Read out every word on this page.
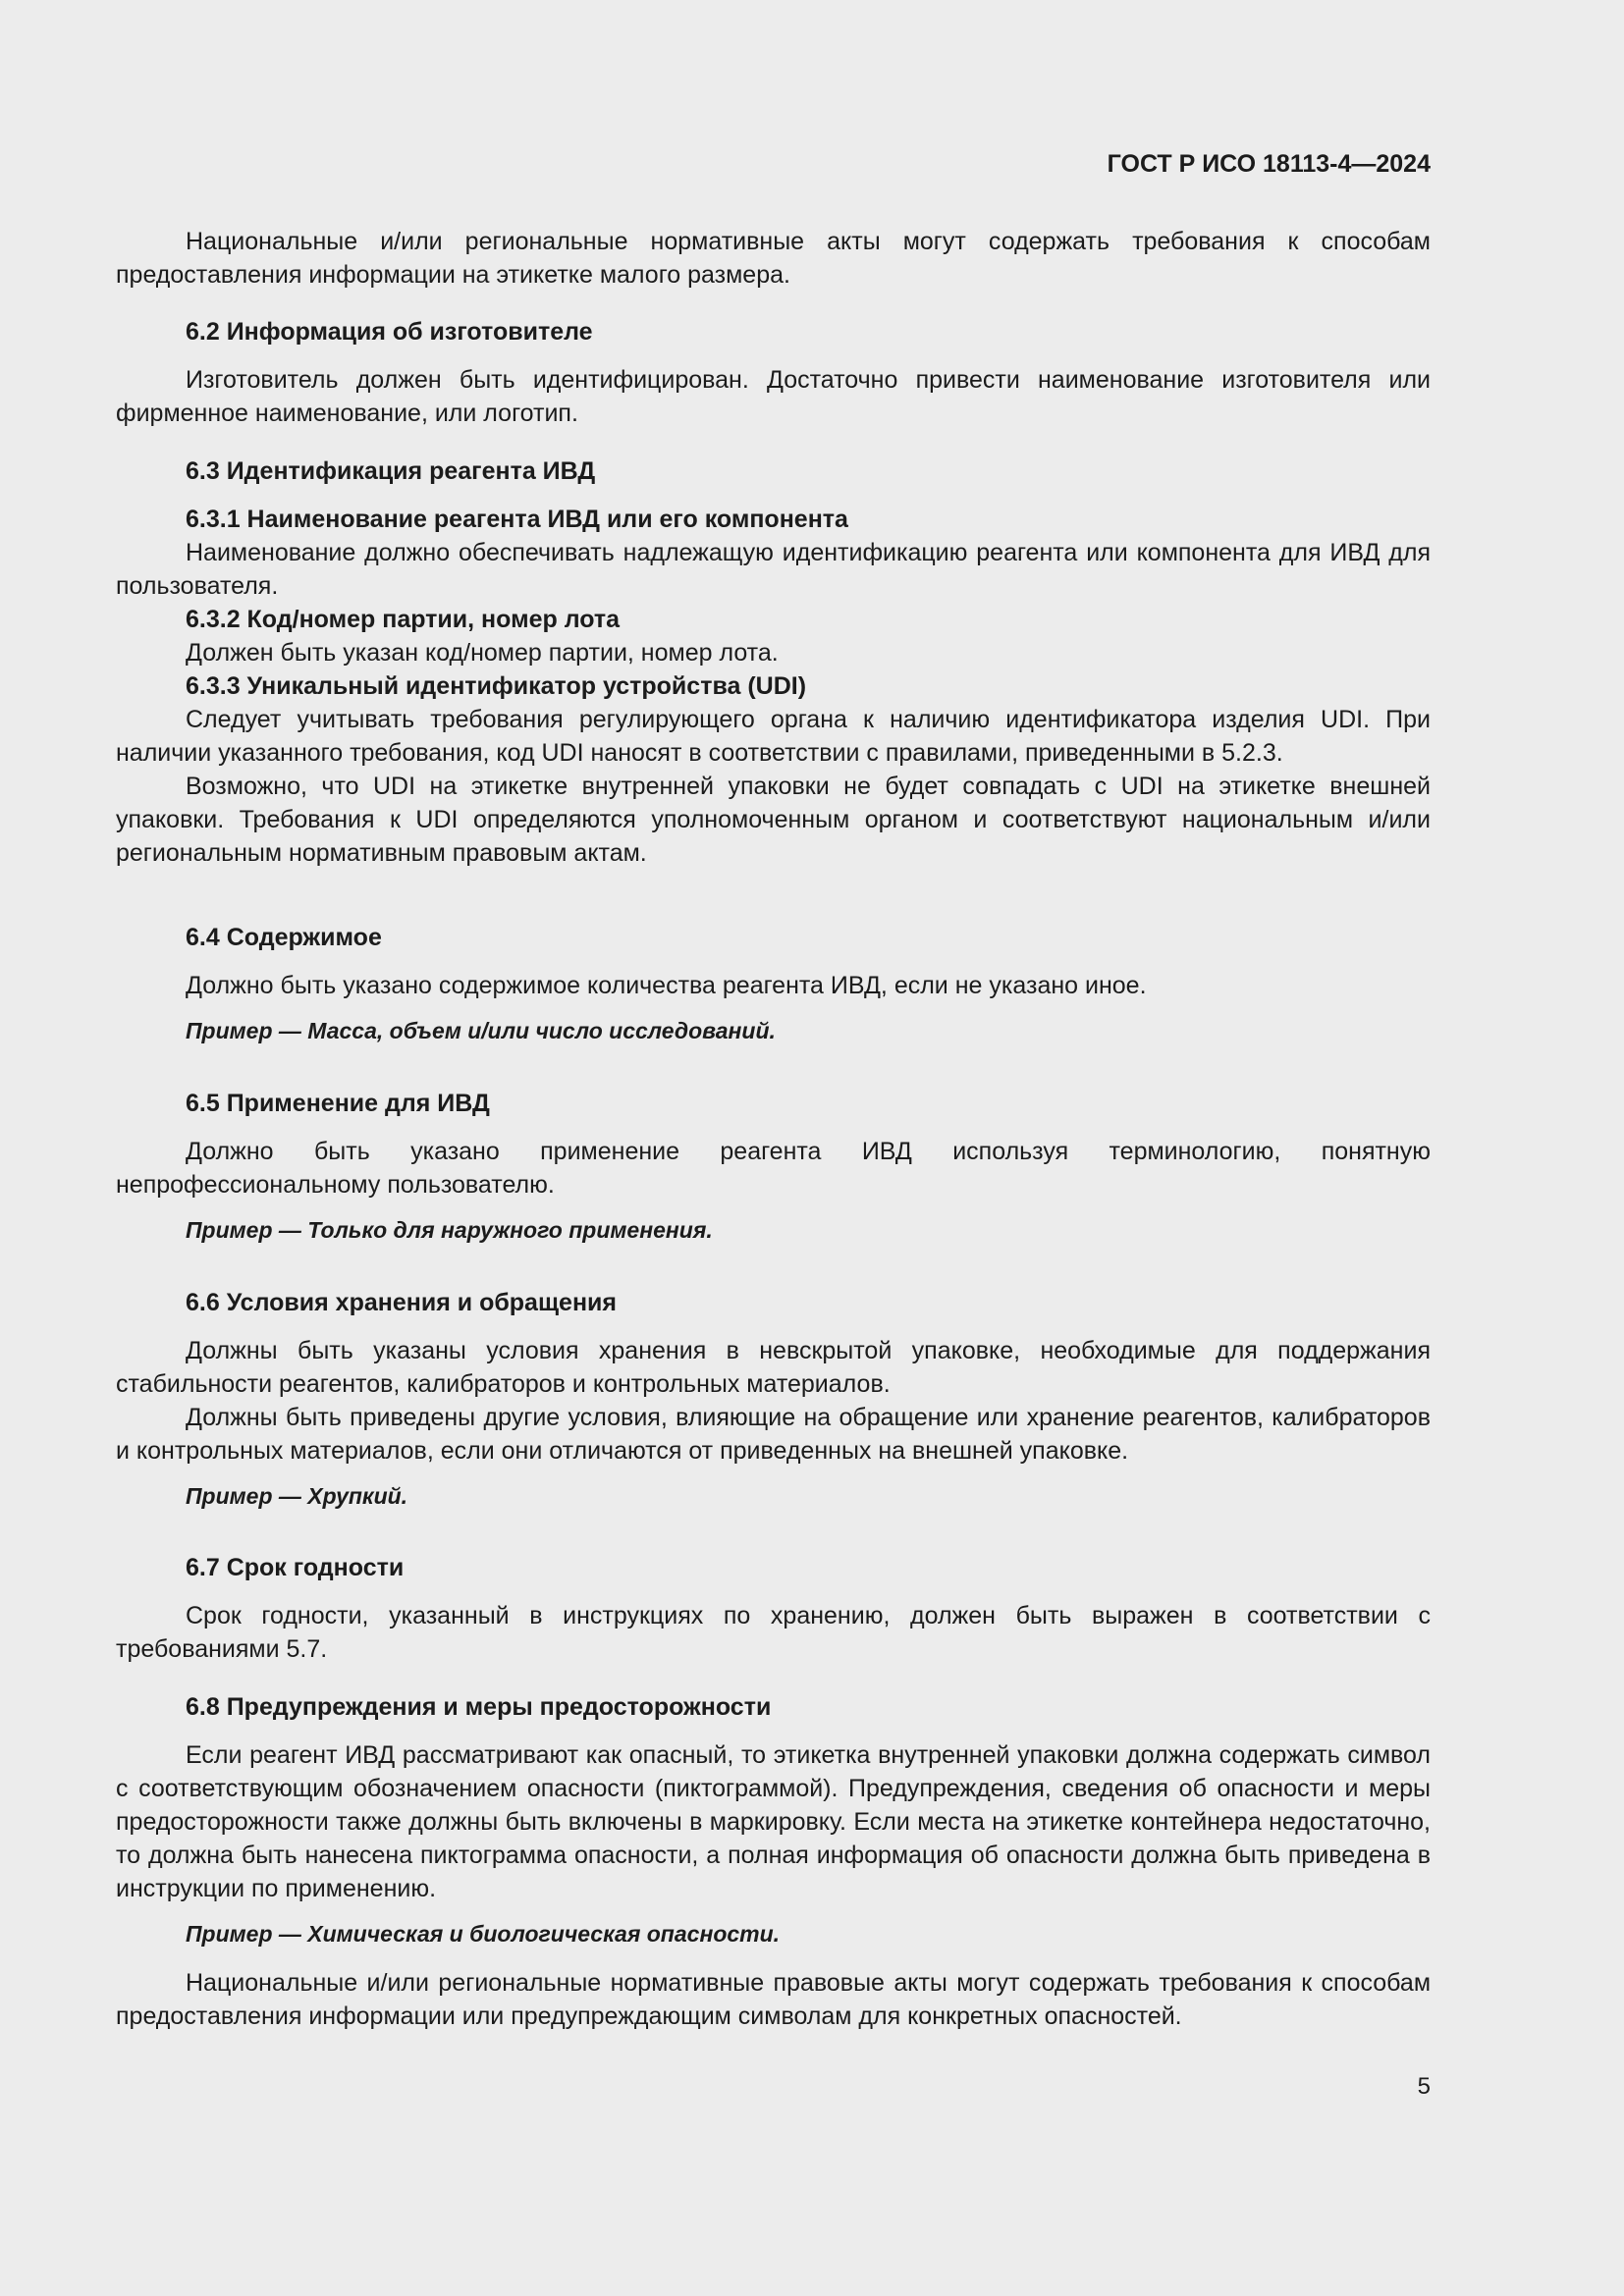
ГОСТ Р ИСО 18113-4—2024

Национальные и/или региональные нормативные акты могут содержать требования к способам предоставления информации на этикетке малого размера.

6.2 Информация об изготовителе

Изготовитель должен быть идентифицирован. Достаточно привести наименование изготовителя или фирменное наименование, или логотип.

6.3 Идентификация реагента ИВД

6.3.1 Наименование реагента ИВД или его компонента

Наименование должно обеспечивать надлежащую идентификацию реагента или компонента для ИВД для пользователя.

6.3.2 Код/номер партии, номер лота

Должен быть указан код/номер партии, номер лота.

6.3.3 Уникальный идентификатор устройства (UDI)

Следует учитывать требования регулирующего органа к наличию идентификатора изделия UDI. При наличии указанного требования, код UDI наносят в соответствии с правилами, приведенными в 5.2.3.

Возможно, что UDI на этикетке внутренней упаковки не будет совпадать с UDI на этикетке внешней упаковки. Требования к UDI определяются уполномоченным органом и соответствуют национальным и/или региональным нормативным правовым актам.

6.4 Содержимое

Должно быть указано содержимое количества реагента ИВД, если не указано иное.

Пример — Масса, объем и/или число исследований.

6.5 Применение для ИВД

Должно быть указано применение реагента ИВД используя терминологию, понятную непрофессиональному пользователю.

Пример — Только для наружного применения.

6.6 Условия хранения и обращения

Должны быть указаны условия хранения в невскрытой упаковке, необходимые для поддержания стабильности реагентов, калибраторов и контрольных материалов.

Должны быть приведены другие условия, влияющие на обращение или хранение реагентов, калибраторов и контрольных материалов, если они отличаются от приведенных на внешней упаковке.

Пример — Хрупкий.

6.7 Срок годности

Срок годности, указанный в инструкциях по хранению, должен быть выражен в соответствии с требованиями 5.7.

6.8 Предупреждения и меры предосторожности

Если реагент ИВД рассматривают как опасный, то этикетка внутренней упаковки должна содержать символ с соответствующим обозначением опасности (пиктограммой). Предупреждения, сведения об опасности и меры предосторожности также должны быть включены в маркировку. Если места на этикетке контейнера недостаточно, то должна быть нанесена пиктограмма опасности, а полная информация об опасности должна быть приведена в инструкции по применению.

Пример — Химическая и биологическая опасности.

Национальные и/или региональные нормативные правовые акты могут содержать требования к способам предоставления информации или предупреждающим символам для конкретных опасностей.

5
